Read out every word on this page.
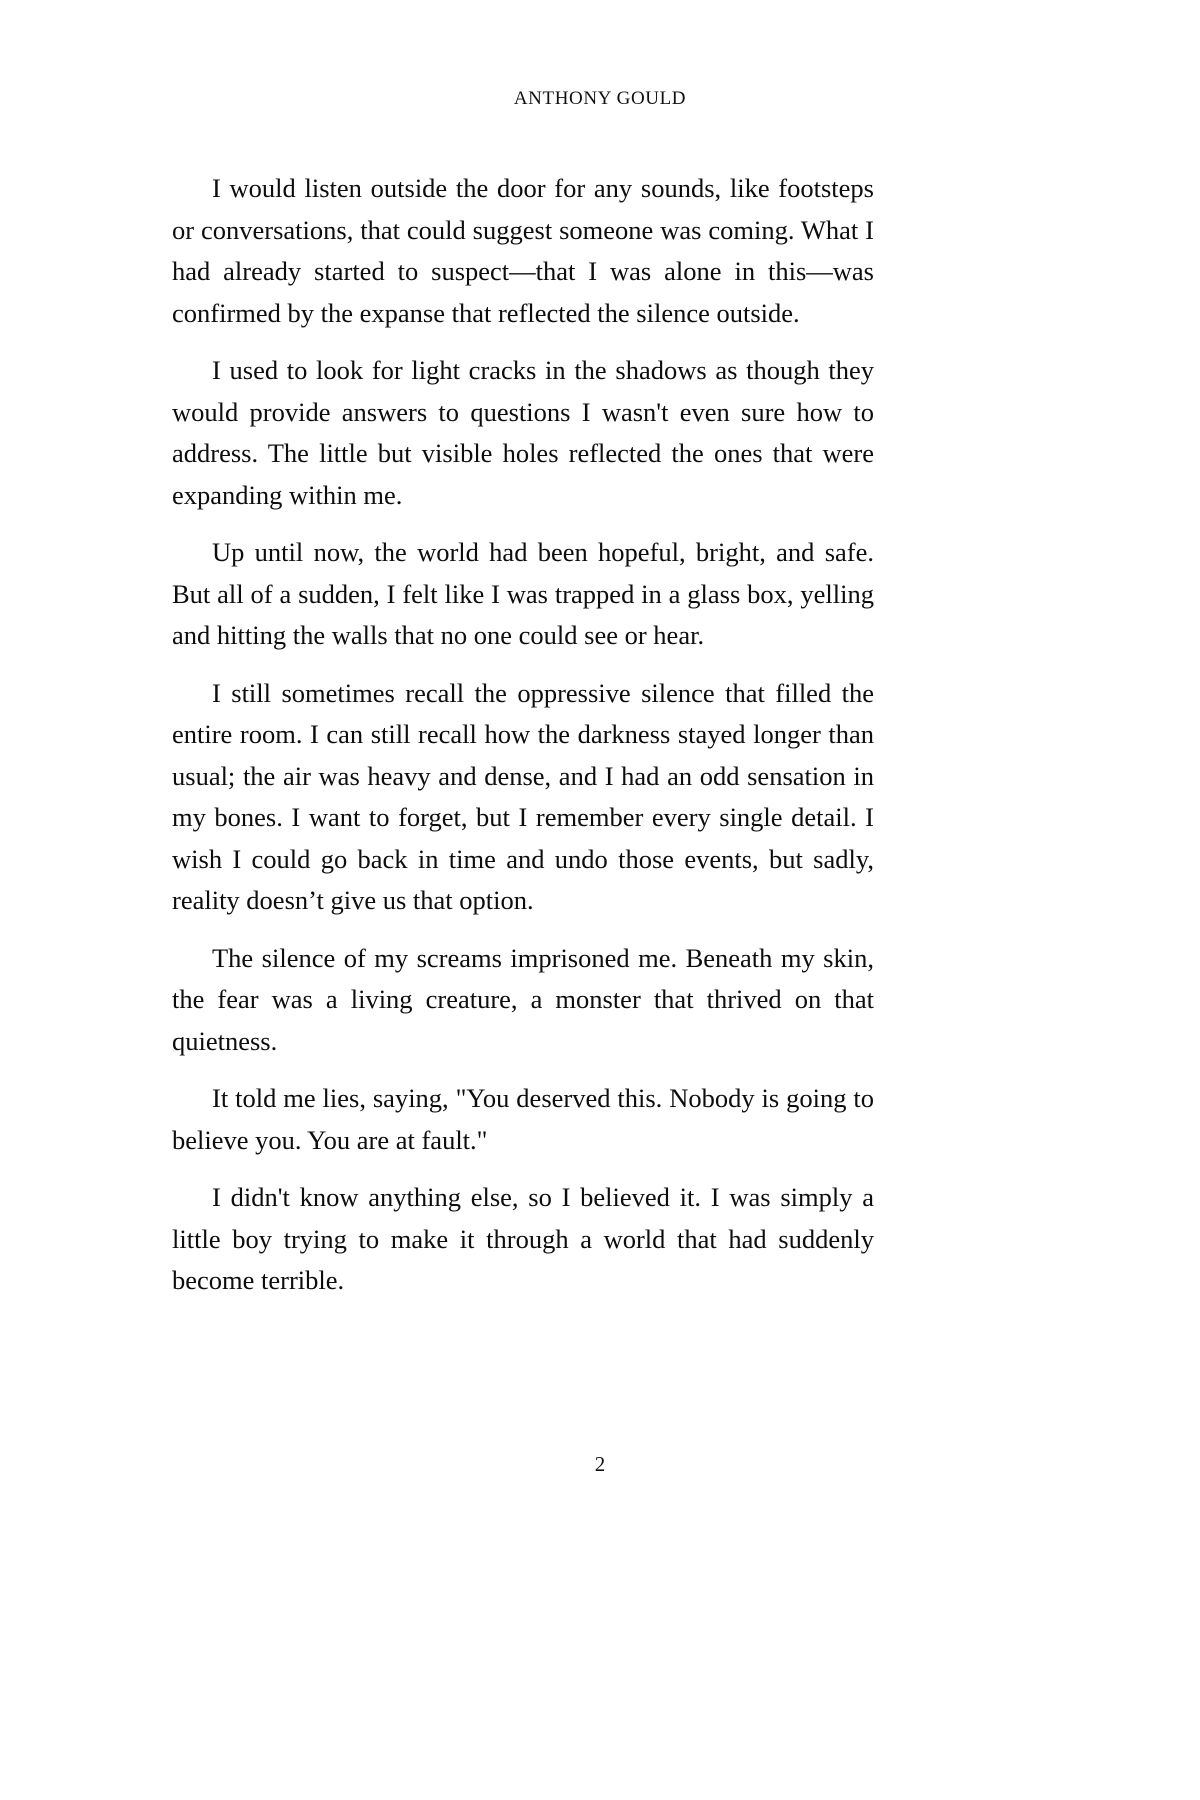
ANTHONY GOULD

I would listen outside the door for any sounds, like footsteps or conversations, that could suggest someone was coming. What I had already started to suspect—that I was alone in this—was confirmed by the expanse that reflected the silence outside.

I used to look for light cracks in the shadows as though they would provide answers to questions I wasn't even sure how to address. The little but visible holes reflected the ones that were expanding within me.

Up until now, the world had been hopeful, bright, and safe. But all of a sudden, I felt like I was trapped in a glass box, yelling and hitting the walls that no one could see or hear.

I still sometimes recall the oppressive silence that filled the entire room. I can still recall how the darkness stayed longer than usual; the air was heavy and dense, and I had an odd sensation in my bones. I want to forget, but I remember every single detail. I wish I could go back in time and undo those events, but sadly, reality doesn’t give us that option.

The silence of my screams imprisoned me. Beneath my skin, the fear was a living creature, a monster that thrived on that quietness.

It told me lies, saying, "You deserved this. Nobody is going to believe you. You are at fault."

I didn't know anything else, so I believed it. I was simply a little boy trying to make it through a world that had suddenly become terrible.

2
